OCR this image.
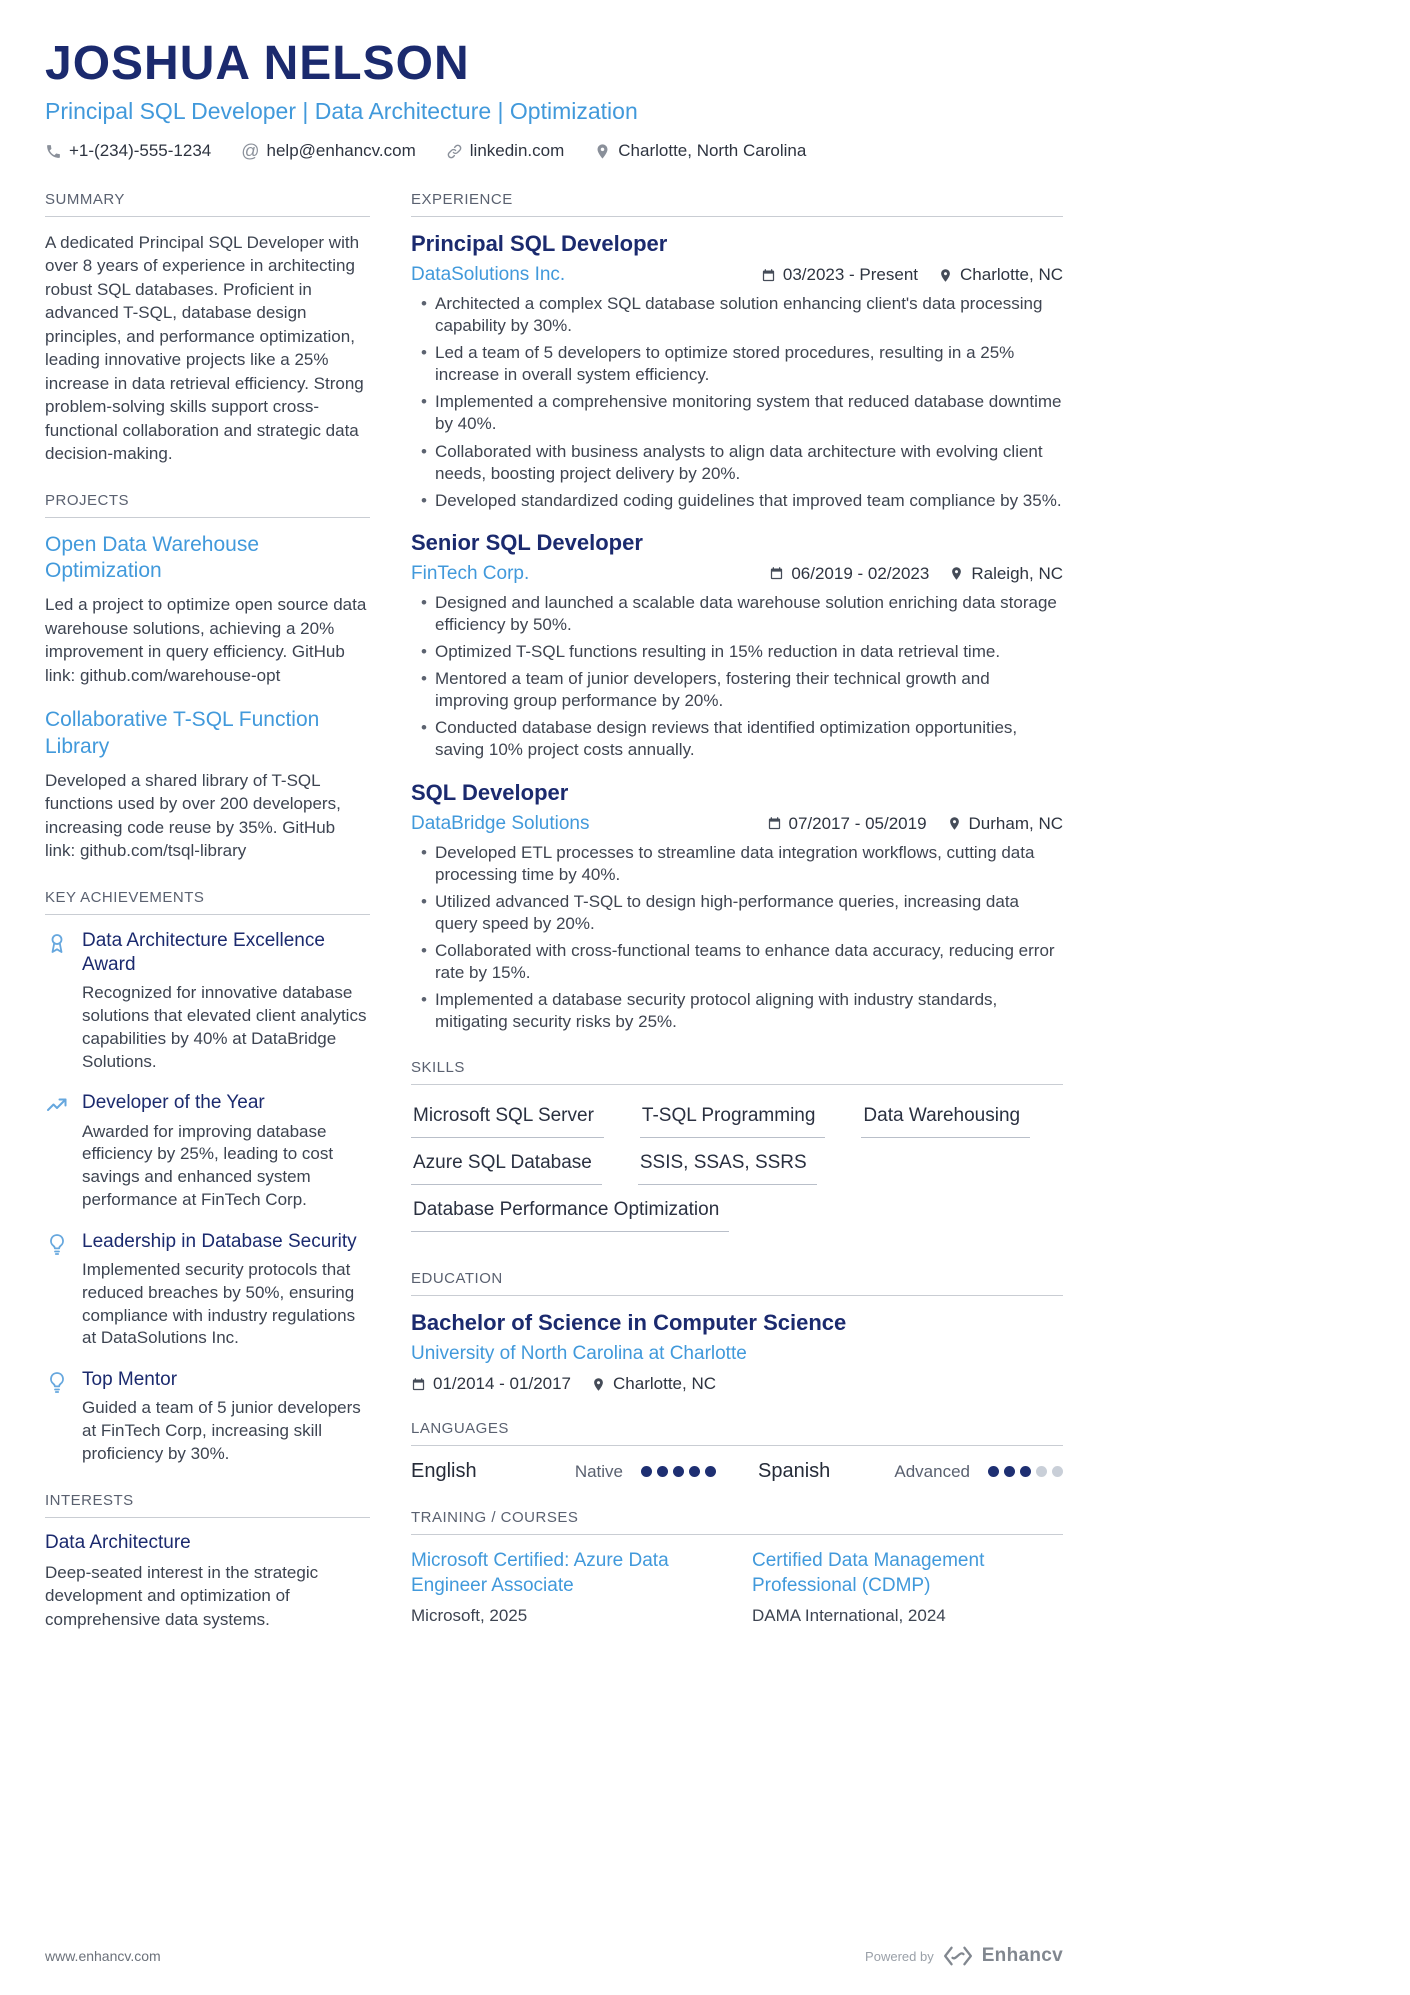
JOSHUA NELSON
Principal SQL Developer | Data Architecture | Optimization
+1-(234)-555-1234 @ help@enhancv.com	linkedin.com	Charlotte, North Carolina
SUMMARY

A dedicated Principal SQL Developer with over 8 years of experience in architecting robust SQL databases. Proficient in advanced T-SQL, database design principles, and performance optimization, leading innovative projects like a 25% increase in data retrieval efficiency. Strong problem-solving skills support cross-functional collaboration and strategic data decision-making.

PROJECTS
Open Data Warehouse Optimization

Led a project to optimize open source data warehouse solutions, achieving a 20% improvement in query efficiency. GitHub link: github.com/warehouse-opt

Collaborative T-SQL Function Library

Developed a shared library of T-SQL functions used by over 200 developers, increasing code reuse by 35%. GitHub link: github.com/tsql-library

KEY ACHIEVEMENTS
Data Architecture Excellence Award
Recognized for innovative database solutions that elevated client analytics capabilities by 40% at DataBridge Solutions.
Developer of the Year
Awarded for improving database efficiency by 25%, leading to cost savings and enhanced system performance at FinTech Corp.
Leadership in Database Security
Implemented security protocols that reduced breaches by 50%, ensuring compliance with industry regulations at DataSolutions Inc.
Top Mentor
Guided a team of 5 junior developers at FinTech Corp, increasing skill proficiency by 30%.
INTERESTS
Data Architecture

Deep-seated interest in the strategic development and optimization of comprehensive data systems.

EXPERIENCE
Principal SQL Developer
DataSolutions Inc.	03/2023 - Present Charlotte, NC
• Architected a complex SQL database solution enhancing client's data processing capability by 30%.
• Led a team of 5 developers to optimize stored procedures, resulting in a 25% increase in overall system efficiency.
• Implemented a comprehensive monitoring system that reduced database downtime by 40%.
• Collaborated with business analysts to align data architecture with evolving client needs, boosting project delivery by 20%.
• Developed standardized coding guidelines that improved team compliance by 35%.
Senior SQL Developer
FinTech Corp.	06/2019 - 02/2023 Raleigh, NC
• Designed and launched a scalable data warehouse solution enriching data storage efficiency by 50%.
• Optimized T-SQL functions resulting in 15% reduction in data retrieval time.
• Mentored a team of junior developers, fostering their technical growth and improving group performance by 20%.
• Conducted database design reviews that identified optimization opportunities, saving 10% project costs annually.
SQL Developer
DataBridge Solutions	07/2017 - 05/2019 Durham, NC
• Developed ETL processes to streamline data integration workflows, cutting data processing time by 40%.
• Utilized advanced T-SQL to design high-performance queries, increasing data query speed by 20%.
• Collaborated with cross-functional teams to enhance data accuracy, reducing error rate by 15%.
• Implemented a database security protocol aligning with industry standards, mitigating security risks by 25%.
SKILLS
Microsoft SQL Server	T-SQL Programming	Data Warehousing
Azure SQL Database	SSIS, SSAS, SSRS
Database Performance Optimization
EDUCATION
Bachelor of Science in Computer Science
University of North Carolina at Charlotte
01/2014 - 01/2017 Charlotte, NC
LANGUAGES
English	Native	Spanish	Advanced
TRAINING / COURSES
Microsoft Certified: Azure Data Engineer Associate
Microsoft, 2025
Certified Data Management Professional (CDMP)
DAMA International, 2024
www.enhancv.com	Powered by	Enhancv
